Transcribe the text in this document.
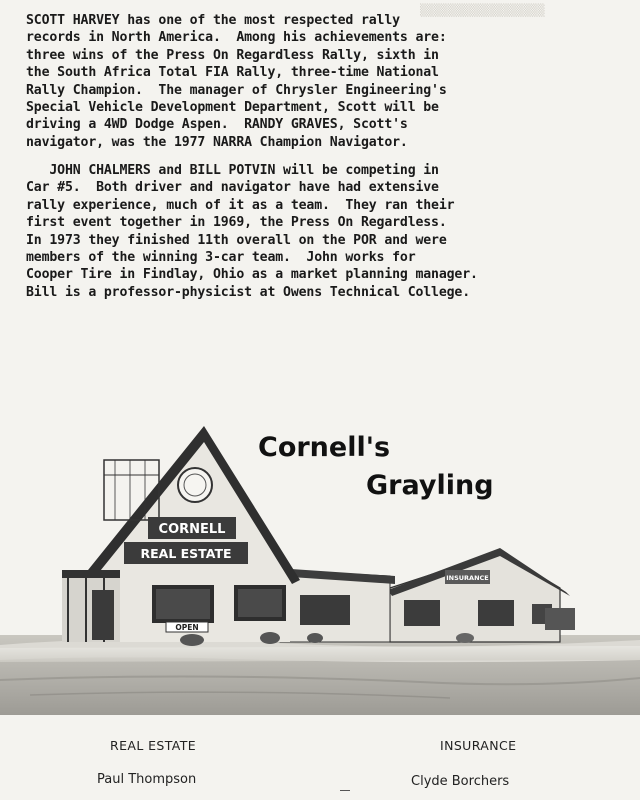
▒▒▒▒▒▒▒▒▒▒▒▒▒▒▒▒▒▒
SCOTT HARVEY has one of the most respected rally
records in North America.  Among his achievements are:
three wins of the Press On Regardless Rally, sixth in
the South Africa Total FIA Rally, three-time National
Rally Champion.  The manager of Chrysler Engineering's
Special Vehicle Development Department, Scott will be
driving a 4WD Dodge Aspen.  RANDY GRAVES, Scott's
navigator, was the 1977 NARRA Champion Navigator.
JOHN CHALMERS and BILL POTVIN will be competing in
Car #5.  Both driver and navigator have had extensive
rally experience, much of it as a team.  They ran their
first event together in 1969, the Press On Regardless.
In 1973 they finished 11th overall on the POR and were
members of the winning 3-car team.  John works for
Cooper Tire in Findlay, Ohio as a market planning manager.
Bill is a professor-physicist at Owens Technical College.
INSURANCE
CORNELL
REAL ESTATE
OPEN
Cornell's
Grayling
REAL ESTATE
Paul Thompson
INSURANCE
Clyde Borchers
